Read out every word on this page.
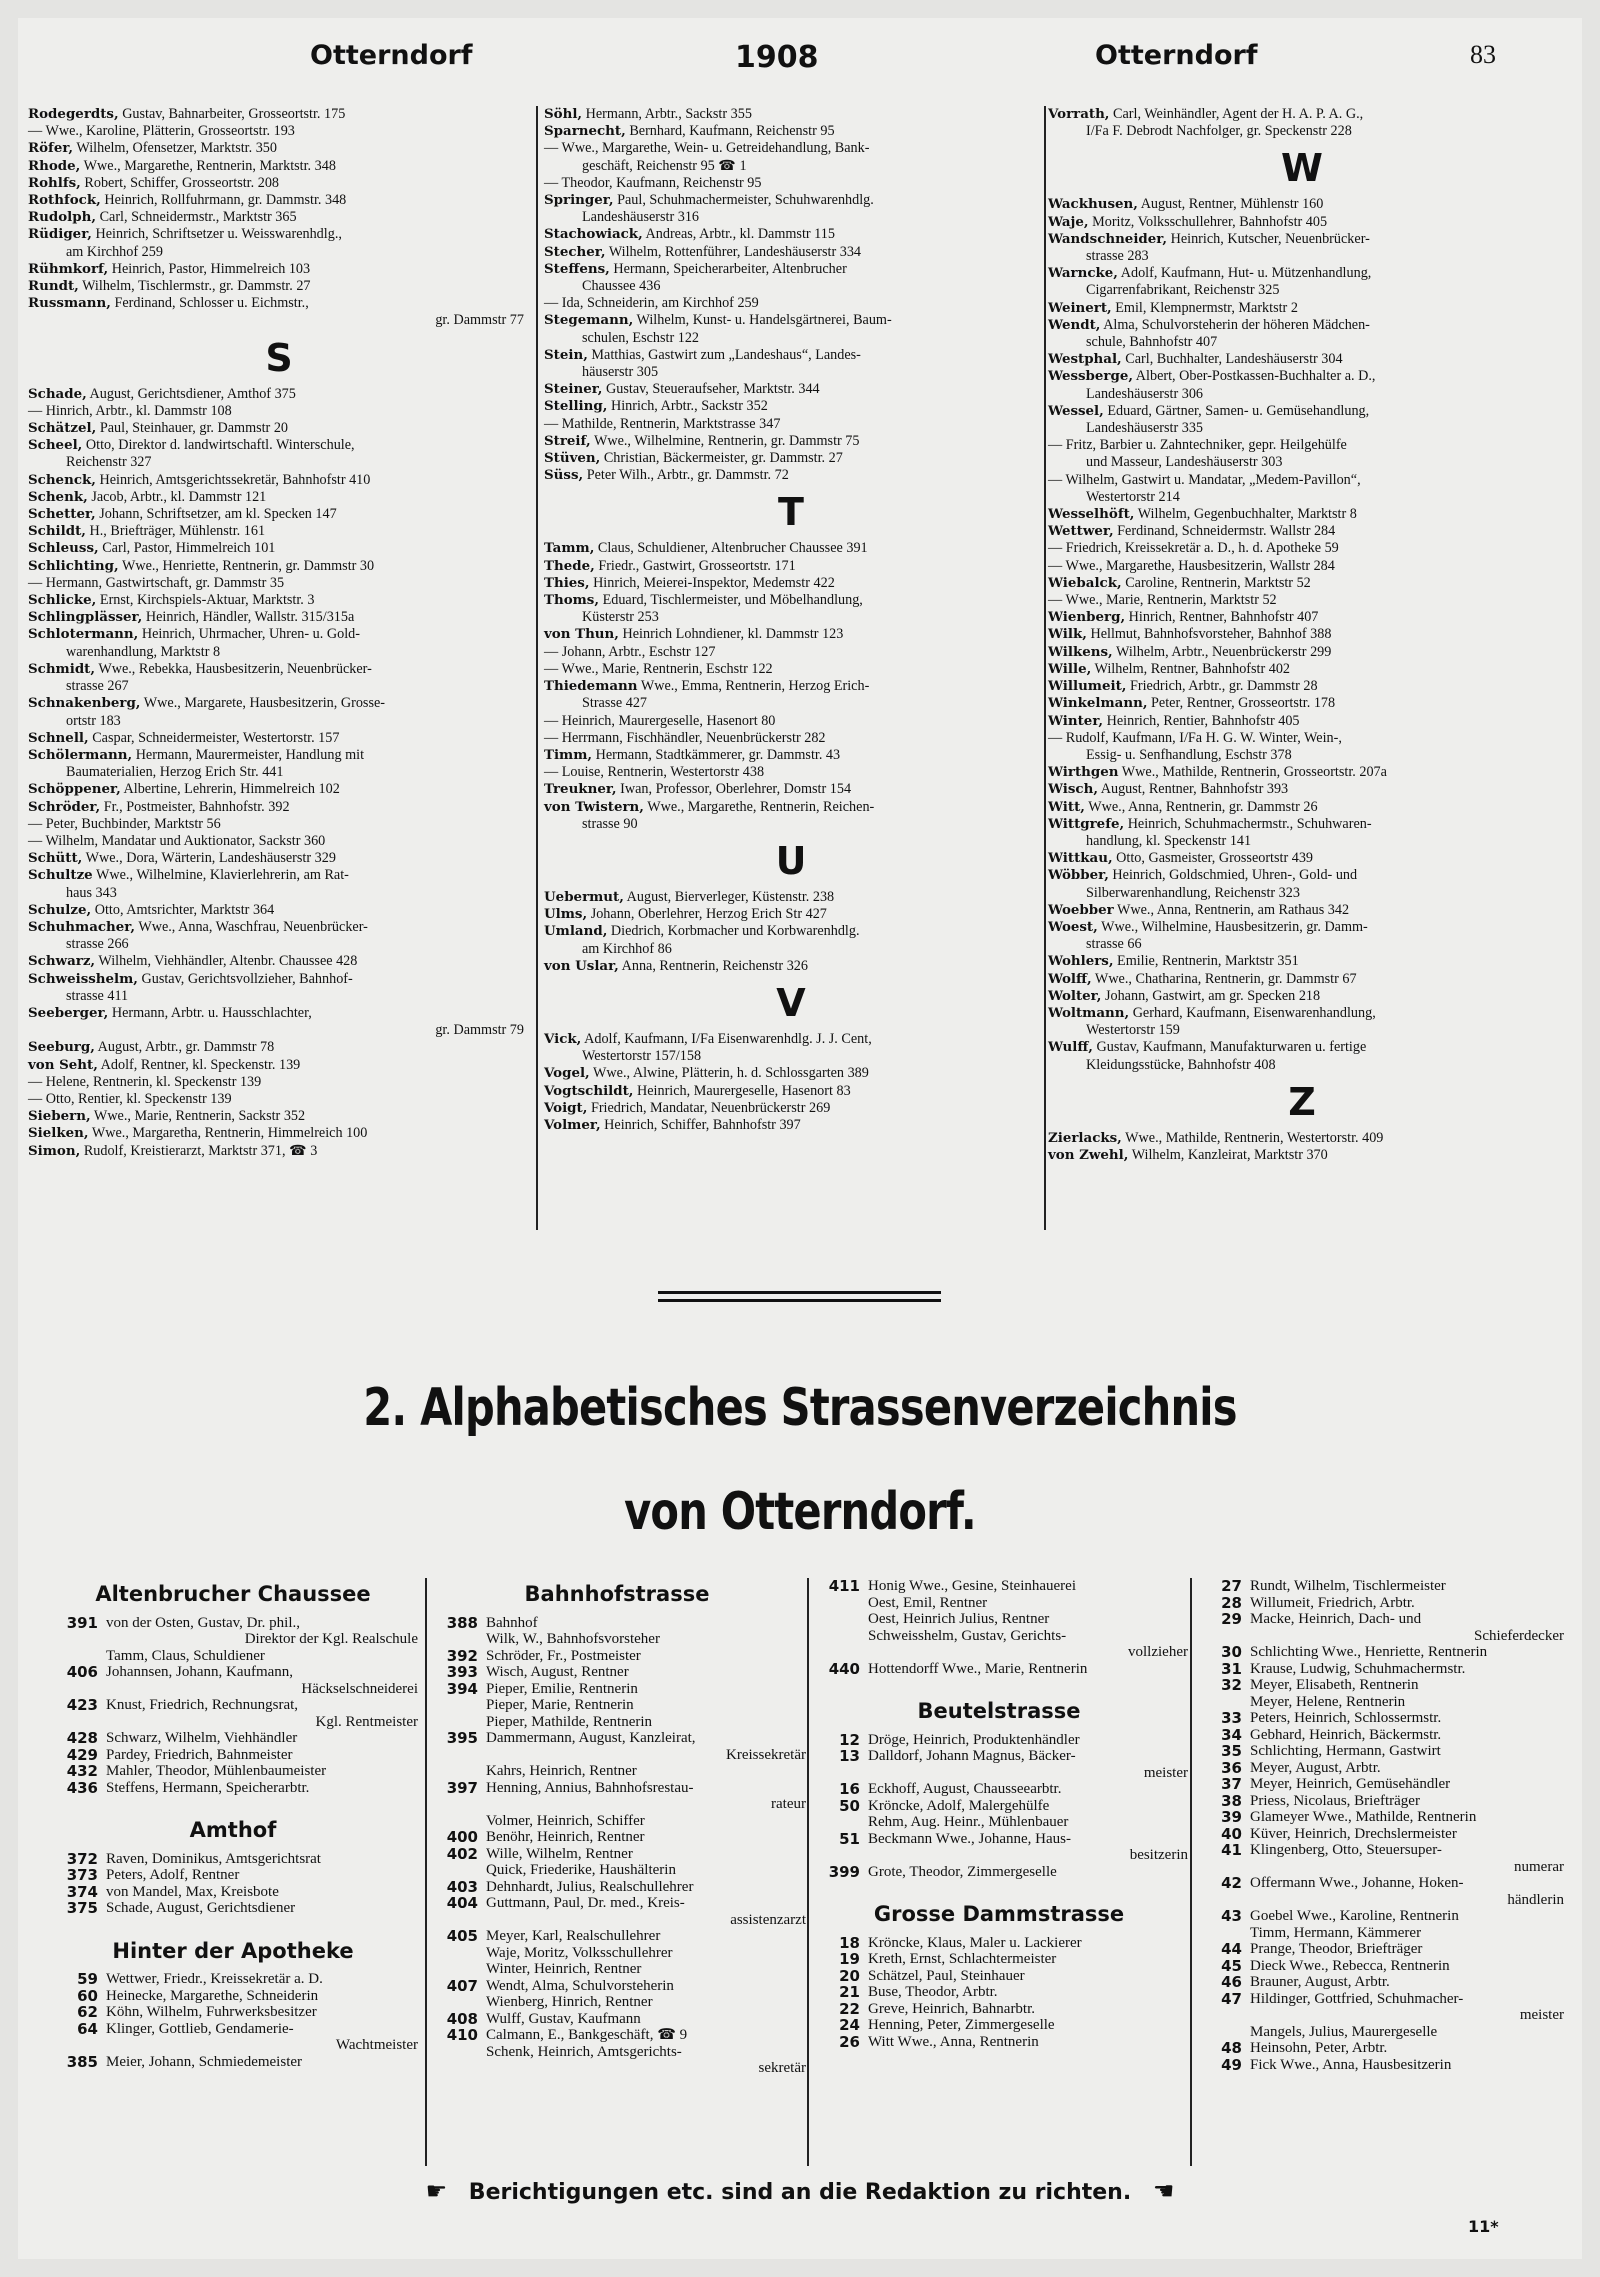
Otterndorf	1908	Otterndorf	83
Rodegerdts, Gustav, Bahnarbeiter, Grosseortstr. 175
— Wwe., Karoline, Plätterin, Grosseortstr. 193
Röfer, Wilhelm, Ofensetzer, Marktstr. 350
Rhode, Wwe., Margarethe, Rentnerin, Marktstr. 348
Rohlfs, Robert, Schiffer, Grosseortstr. 208
Rothfock, Heinrich, Rollfuhrmann, gr. Dammstr. 348
Rudolph, Carl, Schneidermstr., Marktstr 365
Rüdiger, Heinrich, Schriftsetzer u. Weisswarenhdlg.,
am Kirchhof 259
Rühmkorf, Heinrich, Pastor, Himmelreich 103
Rundt, Wilhelm, Tischlermstr., gr. Dammstr. 27
Russmann, Ferdinand, Schlosser u. Eichmstr.,
gr. Dammstr 77
S
Schade, August, Gerichtsdiener, Amthof 375
— Hinrich, Arbtr., kl. Dammstr 108
Schätzel, Paul, Steinhauer, gr. Dammstr 20
Scheel, Otto, Direktor d. landwirtschaftl. Winterschule,
Reichenstr 327
Schenck, Heinrich, Amtsgerichtssekretär, Bahnhofstr 410
Schenk, Jacob, Arbtr., kl. Dammstr 121
Schetter, Johann, Schriftsetzer, am kl. Specken 147
Schildt, H., Briefträger, Mühlenstr. 161
Schleuss, Carl, Pastor, Himmelreich 101
Schlichting, Wwe., Henriette, Rentnerin, gr. Dammstr 30
— Hermann, Gastwirtschaft, gr. Dammstr 35
Schlicke, Ernst, Kirchspiels-Aktuar, Marktstr. 3
Schlingplässer, Heinrich, Händler, Wallstr. 315/315a
Schlotermann, Heinrich, Uhrmacher, Uhren- u. Gold-
warenhandlung, Marktstr 8
Schmidt, Wwe., Rebekka, Hausbesitzerin, Neuenbrücker-
strasse 267
Schnakenberg, Wwe., Margarete, Hausbesitzerin, Grosse-
ortstr 183
Schnell, Caspar, Schneidermeister, Westertorstr. 157
Schölermann, Hermann, Maurermeister, Handlung mit
Baumaterialien, Herzog Erich Str. 441
Schöppener, Albertine, Lehrerin, Himmelreich 102
Schröder, Fr., Postmeister, Bahnhofstr. 392
— Peter, Buchbinder, Marktstr 56
— Wilhelm, Mandatar und Auktionator, Sackstr 360
Schütt, Wwe., Dora, Wärterin, Landeshäuserstr 329
Schultze Wwe., Wilhelmine, Klavierlehrerin, am Rat-
haus 343
Schulze, Otto, Amtsrichter, Marktstr 364
Schuhmacher, Wwe., Anna, Waschfrau, Neuenbrücker-
strasse 266
Schwarz, Wilhelm, Viehhändler, Altenbr. Chaussee 428
Schweisshelm, Gustav, Gerichtsvollzieher, Bahnhof-
strasse 411
Seeberger, Hermann, Arbtr. u. Hausschlachter,
gr. Dammstr 79
Seeburg, August, Arbtr., gr. Dammstr 78
von Seht, Adolf, Rentner, kl. Speckenstr. 139
— Helene, Rentnerin, kl. Speckenstr 139
— Otto, Rentier, kl. Speckenstr 139
Siebern, Wwe., Marie, Rentnerin, Sackstr 352
Sielken, Wwe., Margaretha, Rentnerin, Himmelreich 100
Simon, Rudolf, Kreistierarzt, Marktstr 371, ☎ 3
Söhl, Hermann, Arbtr., Sackstr 355
Sparnecht, Bernhard, Kaufmann, Reichenstr 95
— Wwe., Margarethe, Wein- u. Getreidehandlung, Bank-
geschäft, Reichenstr 95 ☎ 1
— Theodor, Kaufmann, Reichenstr 95
Springer, Paul, Schuhmachermeister, Schuhwarenhdlg.
Landeshäuserstr 316
Stachowiack, Andreas, Arbtr., kl. Dammstr 115
Stecher, Wilhelm, Rottenführer, Landeshäuserstr 334
Steffens, Hermann, Speicherarbeiter, Altenbrucher
Chaussee 436
— Ida, Schneiderin, am Kirchhof 259
Stegemann, Wilhelm, Kunst- u. Handelsgärtnerei, Baum-
schulen, Eschstr 122
Stein, Matthias, Gastwirt zum „Landeshaus“, Landes-
häuserstr 305
Steiner, Gustav, Steueraufseher, Marktstr. 344
Stelling, Hinrich, Arbtr., Sackstr 352
— Mathilde, Rentnerin, Marktstrasse 347
Streif, Wwe., Wilhelmine, Rentnerin, gr. Dammstr 75
Stüven, Christian, Bäckermeister, gr. Dammstr. 27
Süss, Peter Wilh., Arbtr., gr. Dammstr. 72
T
Tamm, Claus, Schuldiener, Altenbrucher Chaussee 391
Thede, Friedr., Gastwirt, Grosseortstr. 171
Thies, Hinrich, Meierei-Inspektor, Medemstr 422
Thoms, Eduard, Tischlermeister, und Möbelhandlung,
Küsterstr 253
von Thun, Heinrich Lohndiener, kl. Dammstr 123
— Johann, Arbtr., Eschstr 127
— Wwe., Marie, Rentnerin, Eschstr 122
Thiedemann Wwe., Emma, Rentnerin, Herzog Erich-
Strasse 427
— Heinrich, Maurergeselle, Hasenort 80
— Herrmann, Fischhändler, Neuenbrückerstr 282
Timm, Hermann, Stadtkämmerer, gr. Dammstr. 43
— Louise, Rentnerin, Westertorstr 438
Treukner, Iwan, Professor, Oberlehrer, Domstr 154
von Twistern, Wwe., Margarethe, Rentnerin, Reichen-
strasse 90
U
Uebermut, August, Bierverleger, Küstenstr. 238
Ulms, Johann, Oberlehrer, Herzog Erich Str 427
Umland, Diedrich, Korbmacher und Korbwarenhdlg.
am Kirchhof 86
von Uslar, Anna, Rentnerin, Reichenstr 326
V
Vick, Adolf, Kaufmann, I/Fa Eisenwarenhdlg. J. J. Cent,
Westertorstr 157/158
Vogel, Wwe., Alwine, Plätterin, h. d. Schlossgarten 389
Vogtschildt, Heinrich, Maurergeselle, Hasenort 83
Voigt, Friedrich, Mandatar, Neuenbrückerstr 269
Volmer, Heinrich, Schiffer, Bahnhofstr 397
Vorrath, Carl, Weinhändler, Agent der H. A. P. A. G.,
I/Fa F. Debrodt Nachfolger, gr. Speckenstr 228
W
Wackhusen, August, Rentner, Mühlenstr 160
Waje, Moritz, Volksschullehrer, Bahnhofstr 405
Wandschneider, Heinrich, Kutscher, Neuenbrücker-
strasse 283
Warncke, Adolf, Kaufmann, Hut- u. Mützenhandlung,
Cigarrenfabrikant, Reichenstr 325
Weinert, Emil, Klempnermstr, Marktstr 2
Wendt, Alma, Schulvorsteherin der höheren Mädchen-
schule, Bahnhofstr 407
Westphal, Carl, Buchhalter, Landeshäuserstr 304
Wessberge, Albert, Ober-Postkassen-Buchhalter a. D.,
Landeshäuserstr 306
Wessel, Eduard, Gärtner, Samen- u. Gemüsehandlung,
Landeshäuserstr 335
— Fritz, Barbier u. Zahntechniker, gepr. Heilgehülfe
und Masseur, Landeshäuserstr 303
— Wilhelm, Gastwirt u. Mandatar, „Medem-Pavillon“,
Westertorstr 214
Wesselhöft, Wilhelm, Gegenbuchhalter, Marktstr 8
Wettwer, Ferdinand, Schneidermstr. Wallstr 284
— Friedrich, Kreissekretär a. D., h. d. Apotheke 59
— Wwe., Margarethe, Hausbesitzerin, Wallstr 284
Wiebalck, Caroline, Rentnerin, Marktstr 52
— Wwe., Marie, Rentnerin, Marktstr 52
Wienberg, Hinrich, Rentner, Bahnhofstr 407
Wilk, Hellmut, Bahnhofsvorsteher, Bahnhof 388
Wilkens, Wilhelm, Arbtr., Neuenbrückerstr 299
Wille, Wilhelm, Rentner, Bahnhofstr 402
Willumeit, Friedrich, Arbtr., gr. Dammstr 28
Winkelmann, Peter, Rentner, Grosseortstr. 178
Winter, Heinrich, Rentier, Bahnhofstr 405
— Rudolf, Kaufmann, I/Fa H. G. W. Winter, Wein-,
Essig- u. Senfhandlung, Eschstr 378
Wirthgen Wwe., Mathilde, Rentnerin, Grosseortstr. 207a
Wisch, August, Rentner, Bahnhofstr 393
Witt, Wwe., Anna, Rentnerin, gr. Dammstr 26
Wittgrefe, Heinrich, Schuhmachermstr., Schuhwaren-
handlung, kl. Speckenstr 141
Wittkau, Otto, Gasmeister, Grosseortstr 439
Wöbber, Heinrich, Goldschmied, Uhren-, Gold- und
Silberwarenhandlung, Reichenstr 323
Woebber Wwe., Anna, Rentnerin, am Rathaus 342
Woest, Wwe., Wilhelmine, Hausbesitzerin, gr. Damm-
strasse 66
Wohlers, Emilie, Rentnerin, Marktstr 351
Wolff, Wwe., Chatharina, Rentnerin, gr. Dammstr 67
Wolter, Johann, Gastwirt, am gr. Specken 218
Woltmann, Gerhard, Kaufmann, Eisenwarenhandlung,
Westertorstr 159
Wulff, Gustav, Kaufmann, Manufakturwaren u. fertige
Kleidungsstücke, Bahnhofstr 408
Z
Zierlacks, Wwe., Mathilde, Rentnerin, Westertorstr. 409
von Zwehl, Wilhelm, Kanzleirat, Marktstr 370
2. Alphabetisches Strassenverzeichnis
von Otterndorf.
Altenbrucher Chaussee
391 von der Osten, Gustav, Dr. phil.,
Direktor der Kgl. Realschule
Tamm, Claus, Schuldiener
406 Johannsen, Johann, Kaufmann,
Häckselschneiderei
423 Knust, Friedrich, Rechnungsrat,
Kgl. Rentmeister
428 Schwarz, Wilhelm, Viehhändler
429 Pardey, Friedrich, Bahnmeister
432 Mahler, Theodor, Mühlenbaumeister
436 Steffens, Hermann, Speicherarbtr.
Amthof
372 Raven, Dominikus, Amtsgerichtsrat
373 Peters, Adolf, Rentner
374 von Mandel, Max, Kreisbote
375 Schade, August, Gerichtsdiener
Hinter der Apotheke
59 Wettwer, Friedr., Kreissekretär a. D.
60 Heinecke, Margarethe, Schneiderin
62 Köhn, Wilhelm, Fuhrwerksbesitzer
64 Klinger, Gottlieb, Gendamerie-
Wachtmeister
385 Meier, Johann, Schmiedemeister
Bahnhofstrasse
388 Bahnhof
Wilk, W., Bahnhofsvorsteher
392 Schröder, Fr., Postmeister
393 Wisch, August, Rentner
394 Pieper, Emilie, Rentnerin
Pieper, Marie, Rentnerin
Pieper, Mathilde, Rentnerin
395 Dammermann, August, Kanzleirat,
Kreissekretär
Kahrs, Heinrich, Rentner
397 Henning, Annius, Bahnhofsrestau-
rateur
Volmer, Heinrich, Schiffer
400 Benöhr, Heinrich, Rentner
402 Wille, Wilhelm, Rentner
Quick, Friederike, Haushälterin
403 Dehnhardt, Julius, Realschullehrer
404 Guttmann, Paul, Dr. med., Kreis-
assistenzarzt
405 Meyer, Karl, Realschullehrer
Waje, Moritz, Volksschullehrer
Winter, Heinrich, Rentner
407 Wendt, Alma, Schulvorsteherin
Wienberg, Hinrich, Rentner
408 Wulff, Gustav, Kaufmann
410 Calmann, E., Bankgeschäft, ☎ 9
Schenk, Heinrich, Amtsgerichts-
sekretär
411 Honig Wwe., Gesine, Steinhauerei
Oest, Emil, Rentner
Oest, Heinrich Julius, Rentner
Schweisshelm, Gustav, Gerichts-
vollzieher
440 Hottendorff Wwe., Marie, Rentnerin
Beutelstrasse
12 Dröge, Heinrich, Produktenhändler
13 Dalldorf, Johann Magnus, Bäcker-
meister
16 Eckhoff, August, Chausseearbtr.
50 Kröncke, Adolf, Malergehülfe
Rehm, Aug. Heinr., Mühlenbauer
51 Beckmann Wwe., Johanne, Haus-
besitzerin
399 Grote, Theodor, Zimmergeselle
Grosse Dammstrasse
18 Kröncke, Klaus, Maler u. Lackierer
19 Kreth, Ernst, Schlachtermeister
20 Schätzel, Paul, Steinhauer
21 Buse, Theodor, Arbtr.
22 Greve, Heinrich, Bahnarbtr.
24 Henning, Peter, Zimmergeselle
26 Witt Wwe., Anna, Rentnerin
27 Rundt, Wilhelm, Tischlermeister
28 Willumeit, Friedrich, Arbtr.
29 Macke, Heinrich, Dach- und
Schieferdecker
30 Schlichting Wwe., Henriette, Rentnerin
31 Krause, Ludwig, Schuhmachermstr.
32 Meyer, Elisabeth, Rentnerin
Meyer, Helene, Rentnerin
33 Peters, Heinrich, Schlossermstr.
34 Gebhard, Heinrich, Bäckermstr.
35 Schlichting, Hermann, Gastwirt
36 Meyer, August, Arbtr.
37 Meyer, Heinrich, Gemüsehändler
38 Priess, Nicolaus, Briefträger
39 Glameyer Wwe., Mathilde, Rentnerin
40 Küver, Heinrich, Drechslermeister
41 Klingenberg, Otto, Steuersuper-
numerar
42 Offermann Wwe., Johanne, Hoken-
händlerin
43 Goebel Wwe., Karoline, Rentnerin
Timm, Hermann, Kämmerer
44 Prange, Theodor, Briefträger
45 Dieck Wwe., Rebecca, Rentnerin
46 Brauner, August, Arbtr.
47 Hildinger, Gottfried, Schuhmacher-
meister
Mangels, Julius, Maurergeselle
48 Heinsohn, Peter, Arbtr.
49 Fick Wwe., Anna, Hausbesitzerin
☛ Berichtigungen etc. sind an die Redaktion zu richten. ☚
11*
